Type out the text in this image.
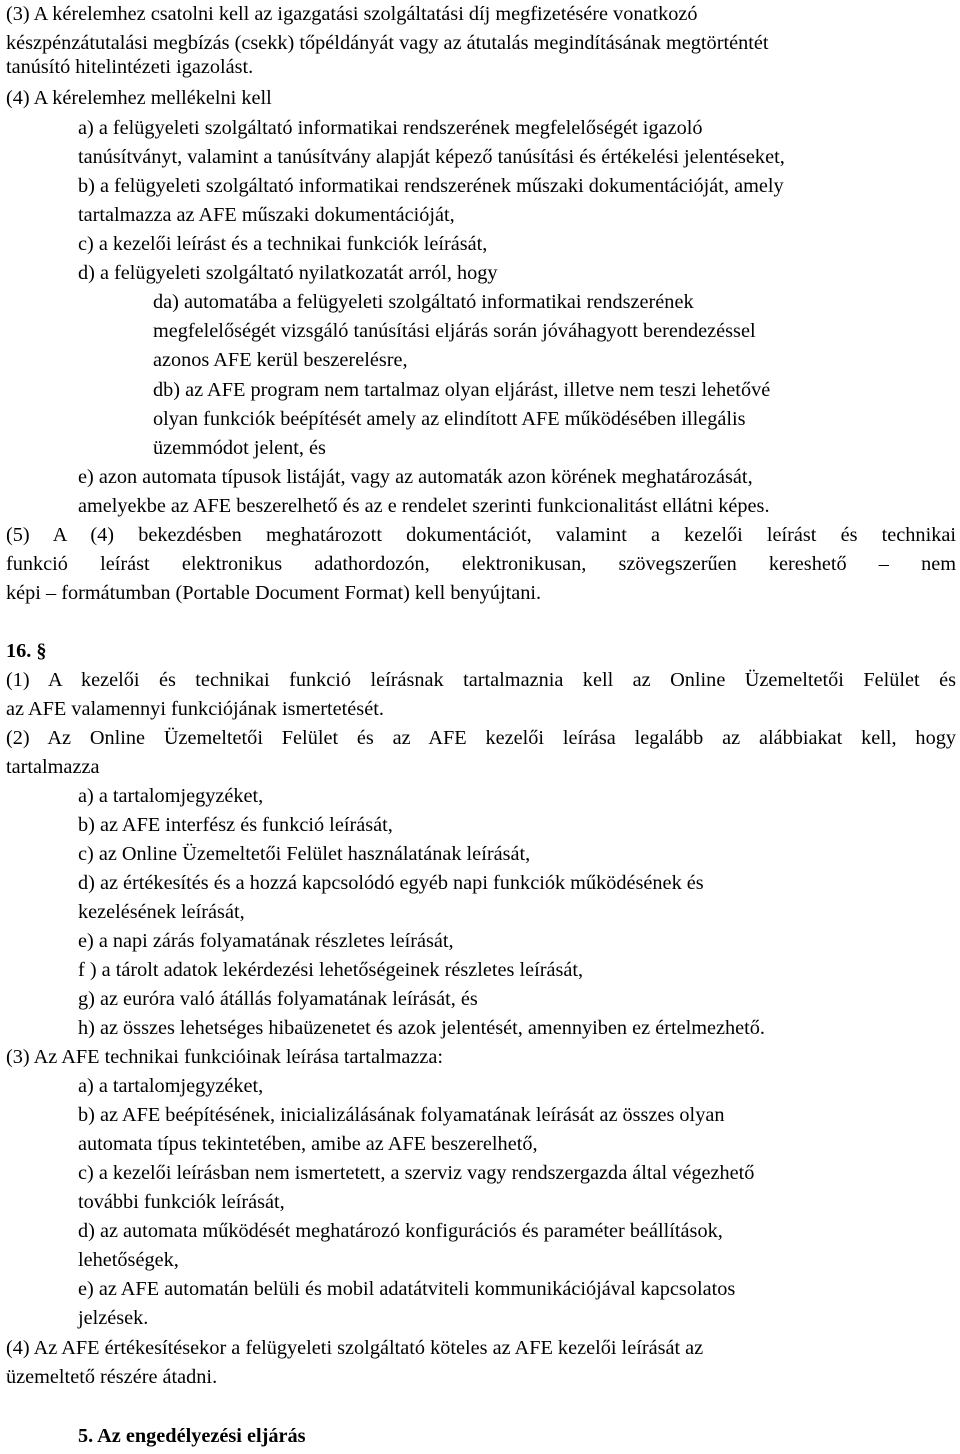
(3) A kérelemhez csatolni kell az igazgatási szolgáltatási díj megfizetésére vonatkozó
készpénzátutalási megbízás (csekk) tőpéldányát vagy az átutalás megindításának megtörténtét
tanúsító hitelintézeti igazolást.
(4) A kérelemhez mellékelni kell
a) a felügyeleti szolgáltató informatikai rendszerének megfelelőségét igazoló
tanúsítványt, valamint a tanúsítvány alapját képező tanúsítási és értékelési jelentéseket,
b) a felügyeleti szolgáltató informatikai rendszerének műszaki dokumentációját, amely
tartalmazza az AFE műszaki dokumentációját,
c) a kezelői leírást és a technikai funkciók leírását,
d) a felügyeleti szolgáltató nyilatkozatát arról, hogy
da) automatába a felügyeleti szolgáltató informatikai rendszerének
megfelelőségét vizsgáló tanúsítási eljárás során jóváhagyott berendezéssel
azonos AFE kerül beszerelésre,
db) az AFE program nem tartalmaz olyan eljárást, illetve nem teszi lehetővé
olyan funkciók beépítését amely az elindított AFE működésében illegális
üzemmódot jelent, és
e) azon automata típusok listáját, vagy az automaták azon körének meghatározását,
amelyekbe az AFE beszerelhető és az e rendelet szerinti funkcionalitást ellátni képes.
(5) A (4) bekezdésben meghatározott dokumentációt, valamint a kezelői leírást és technikai
funkció leírást elektronikus adathordozón, elektronikusan, szövegszerűen kereshető – nem
képi – formátumban (Portable Document Format) kell benyújtani.
16. §
(1) A kezelői és technikai funkció leírásnak tartalmaznia kell az Online Üzemeltetői Felület és
az AFE valamennyi funkciójának ismertetését.
(2) Az Online Üzemeltetői Felület és az AFE kezelői leírása legalább az alábbiakat kell, hogy
tartalmazza
a) a tartalomjegyzéket,
b) az AFE interfész és funkció leírását,
c) az Online Üzemeltetői Felület használatának leírását,
d) az értékesítés és a hozzá kapcsolódó egyéb napi funkciók működésének és
kezelésének leírását,
e) a napi zárás folyamatának részletes leírását,
f ) a tárolt adatok lekérdezési lehetőségeinek részletes leírását,
g) az euróra való átállás folyamatának leírását, és
h) az összes lehetséges hibaüzenetet és azok jelentését, amennyiben ez értelmezhető.
(3) Az AFE technikai funkcióinak leírása tartalmazza:
a) a tartalomjegyzéket,
b) az AFE beépítésének, inicializálásának folyamatának leírását az összes olyan
automata típus tekintetében, amibe az AFE beszerelhető,
c) a kezelői leírásban nem ismertetett, a szerviz vagy rendszergazda által végezhető
további funkciók leírását,
d) az automata működését meghatározó konfigurációs és paraméter beállítások,
lehetőségek,
e) az AFE automatán belüli és mobil adatátviteli kommunikációjával kapcsolatos
jelzések.
(4) Az AFE értékesítésekor a felügyeleti szolgáltató köteles az AFE kezelői leírását az
üzemeltető részére átadni.
5. Az engedélyezési eljárás
